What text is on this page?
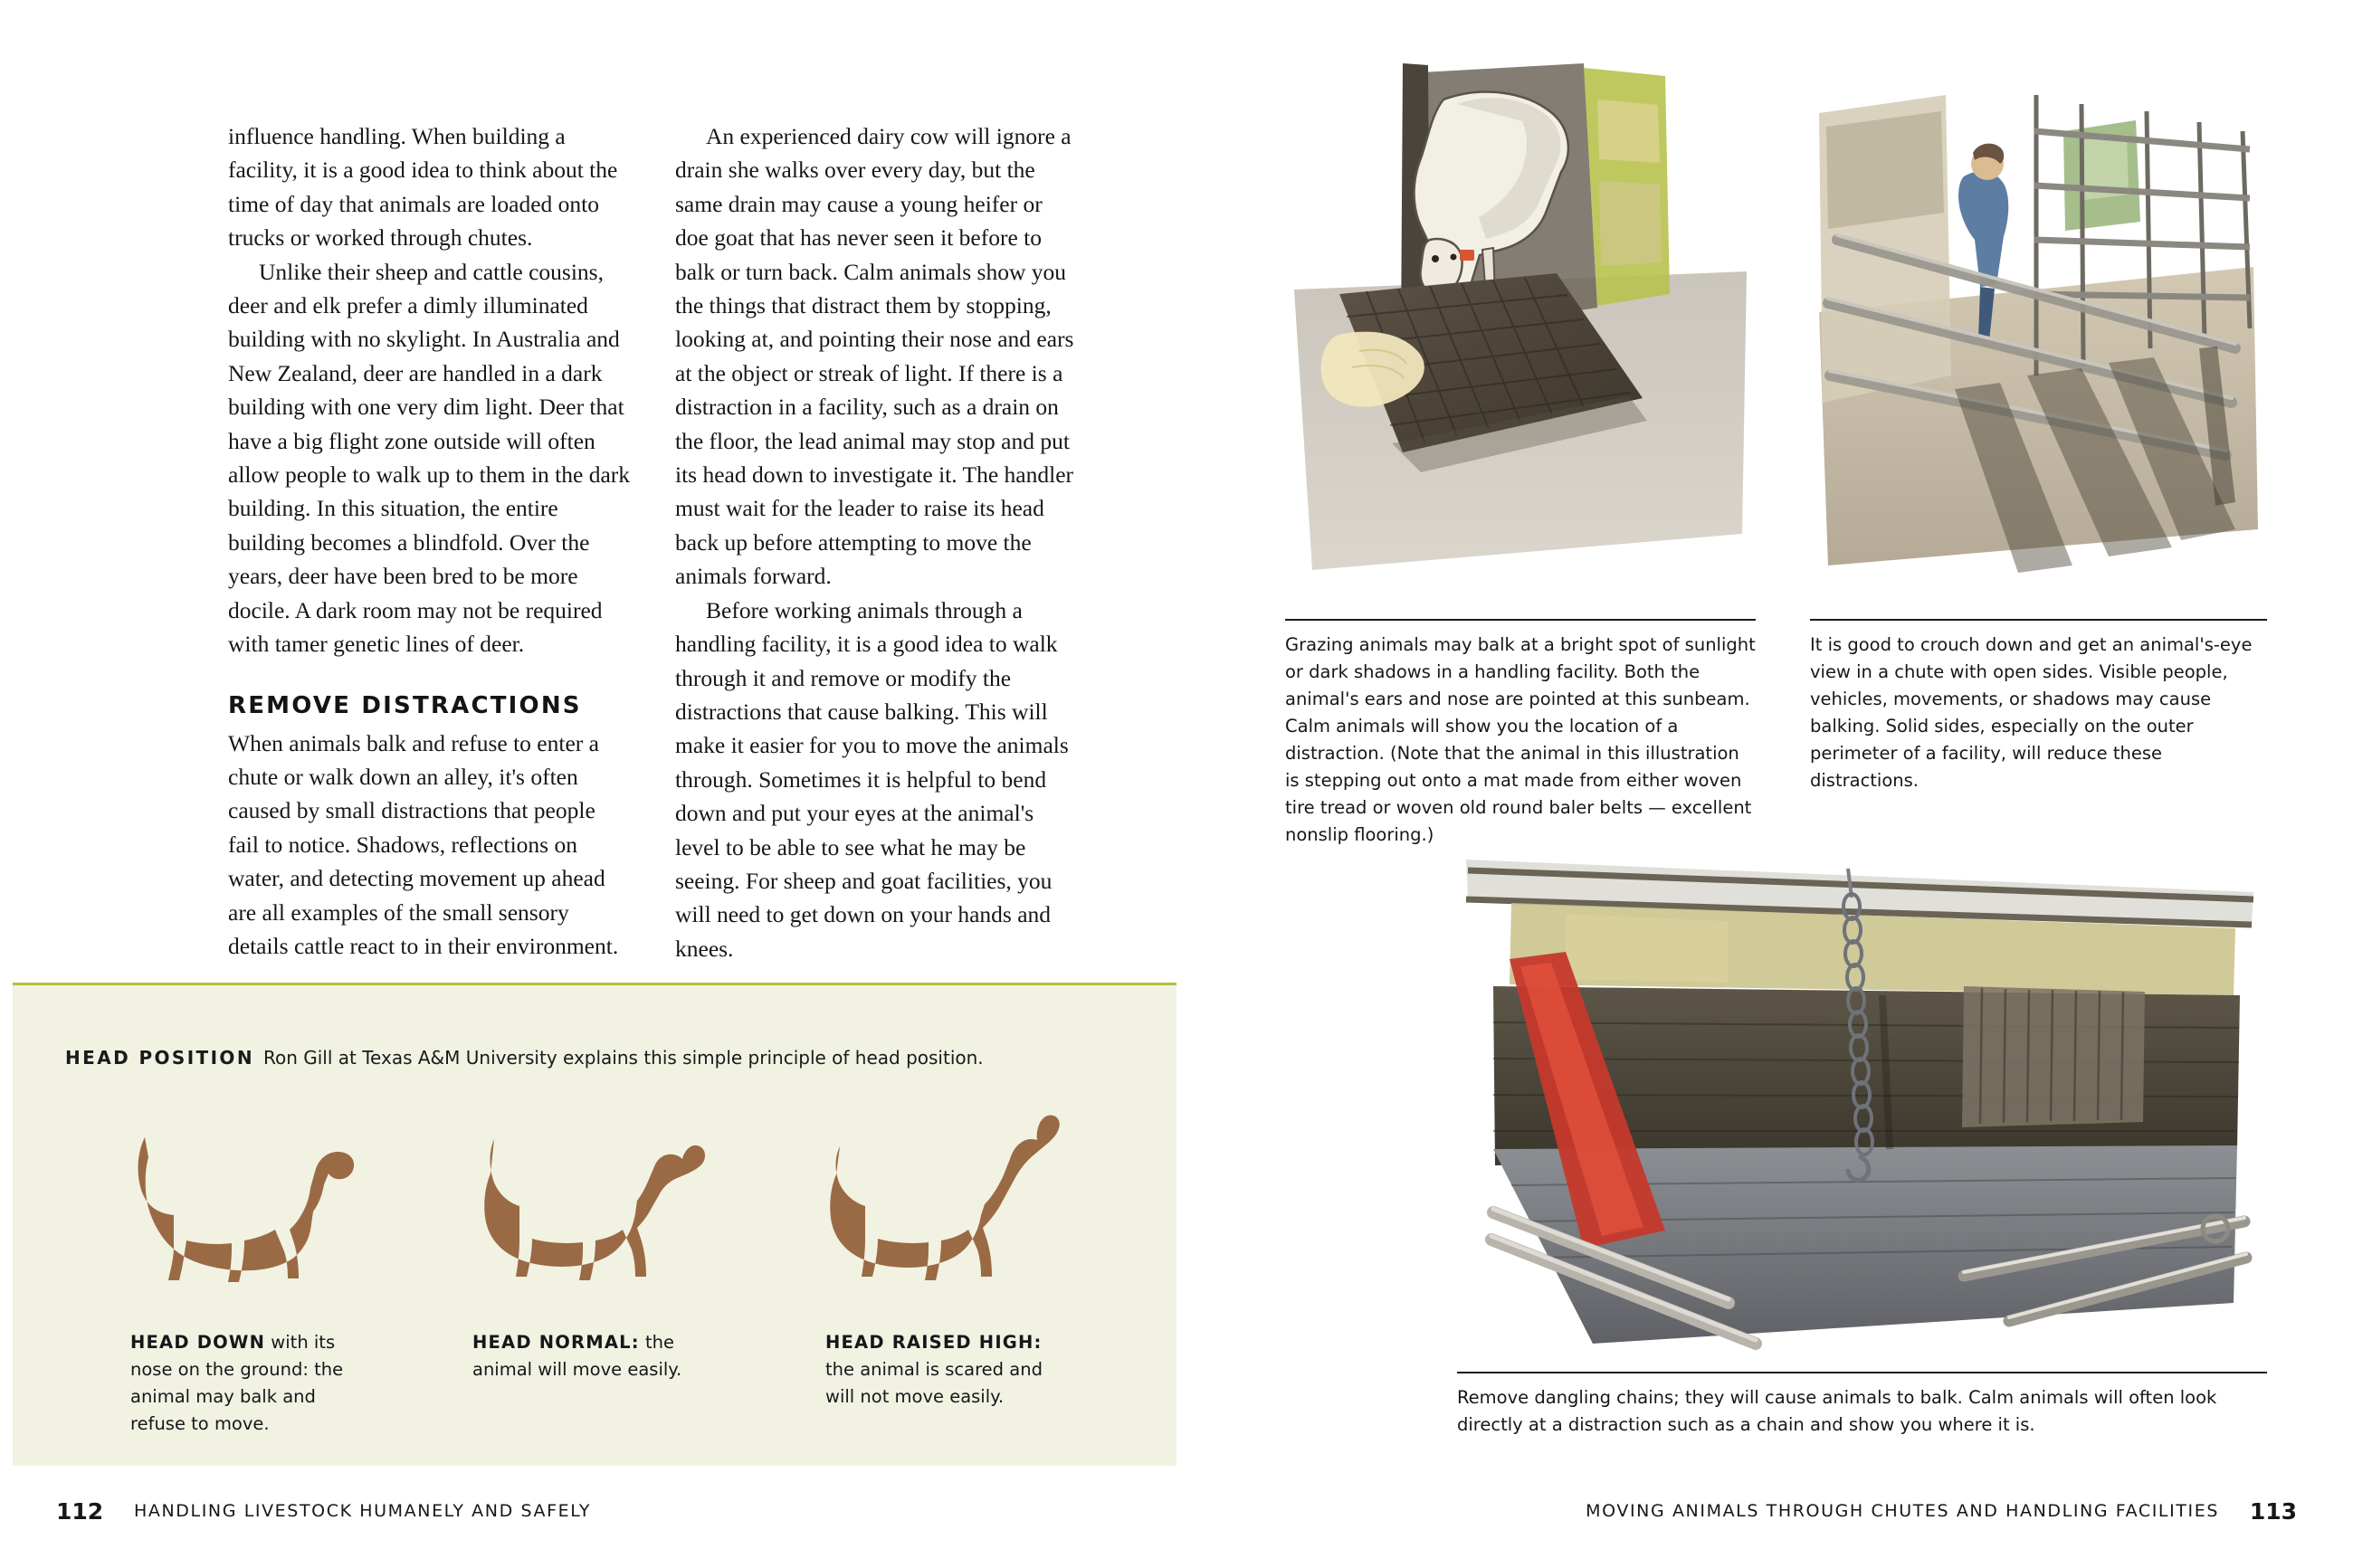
influence handling. When building a facility, it is a good idea to think about the time of day that animals are loaded onto trucks or worked through chutes.

Unlike their sheep and cattle cousins, deer and elk prefer a dimly illuminated building with no skylight. In Australia and New Zealand, deer are handled in a dark building with one very dim light. Deer that have a big flight zone outside will often allow people to walk up to them in the dark building. In this situation, the entire building becomes a blindfold. Over the years, deer have been bred to be more docile. A dark room may not be required with tamer genetic lines of deer.

REMOVE DISTRACTIONS

When animals balk and refuse to enter a chute or walk down an alley, it's often caused by small distractions that people fail to notice. Shadows, reflections on water, and detecting movement up ahead are all examples of the small sensory details cattle react to in their environment.

An experienced dairy cow will ignore a drain she walks over every day, but the same drain may cause a young heifer or doe goat that has never seen it before to balk or turn back. Calm animals show you the things that distract them by stopping, looking at, and pointing their nose and ears at the object or streak of light. If there is a distraction in a facility, such as a drain on the floor, the lead animal may stop and put its head down to investigate it. The handler must wait for the leader to raise its head back up before attempting to move the animals forward.

Before working animals through a handling facility, it is a good idea to walk through it and remove or modify the distractions that cause balking. This will make it easier for you to move the animals through. Sometimes it is helpful to bend down and put your eyes at the animal's level to be able to see what he may be seeing. For sheep and goat facilities, you will need to get down on your hands and knees.

HEAD POSITION Ron Gill at Texas A&M University explains this simple principle of head position.
HEAD DOWN with its nose on the ground: the animal may balk and refuse to move.
HEAD NORMAL: the animal will move easily.
HEAD RAISED HIGH: the animal is scared and will not move easily.
112 HANDLING LIVESTOCK HUMANELY AND SAFELY
Grazing animals may balk at a bright spot of sunlight or dark shadows in a handling facility. Both the animal's ears and nose are pointed at this sunbeam. Calm animals will show you the location of a distraction. (Note that the animal in this illustration is stepping out onto a mat made from either woven tire tread or woven old round baler belts — excellent nonslip flooring.)
It is good to crouch down and get an animal's-eye view in a chute with open sides. Visible people, vehicles, movements, or shadows may cause balking. Solid sides, especially on the outer perimeter of a facility, will reduce these distractions.
Remove dangling chains; they will cause animals to balk. Calm animals will often look directly at a distraction such as a chain and show you where it is.
113
MOVING ANIMALS THROUGH CHUTES AND HANDLING FACILITIES
